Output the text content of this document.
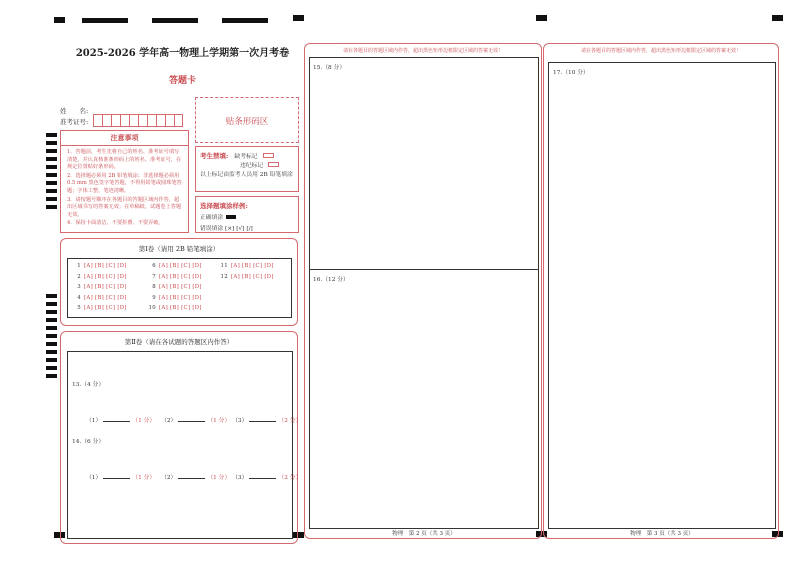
2025-2026 学年高一物理上学期第一次月考卷
答题卡
姓　　名:
准考证号:	贴条形码区
注意事项
1．答题前，考生先将自己的姓名、准考证号填写清楚，并认真核准条形码上的姓名、准考证号，在规定位置贴好条形码。
2．选择题必须用 2B 铅笔填涂；非选择题必须用 0.5 mm 黑色签字笔答题，不得用铅笔或圆珠笔答题；字体工整、笔迹清晰。
3．请按题号顺序在各题目的答题区域内作答，超出区域书写的答案无效；在草稿纸、试题卷上答题无效。
4．保持卡面清洁，不要折叠、不要弄破。
考生禁填: 缺考标记
违纪标记
以上标记由监考人员用 2B 铅笔填涂
选择题填涂样例:
正确填涂
错误填涂 [×] [√] [/]
第Ⅰ卷（请用 2B 铅笔填涂）
1 [A] [B] [C] [D]
2 [A] [B] [C] [D]
3 [A] [B] [C] [D]
4 [A] [B] [C] [D]
5 [A] [B] [C] [D]
6 [A] [B] [C] [D]
7 [A] [B] [C] [D]
8 [A] [B] [C] [D]
9 [A] [B] [C] [D]
10 [A] [B] [C] [D]
11 [A] [B] [C] [D]
12 [A] [B] [C] [D]
第Ⅱ卷（请在各试题的答题区内作答）
13.（4 分）
（1）	（1 分） （2）	（1 分） （3）	（2 分）
14.（6 分）
（1）	（1 分） （2）	（1 分） （3）	（2 分）
请在各题目的答题区域内作答，超出黑色矩形边框限定区域的答案无效！
15.（8 分）
16.（12 分）
物理　第 2 页（共 3 页）
请在各题目的答题区域内作答，超出黑色矩形边框限定区域的答案无效！
17.（10 分）
物理　第 3 页（共 3 页）
